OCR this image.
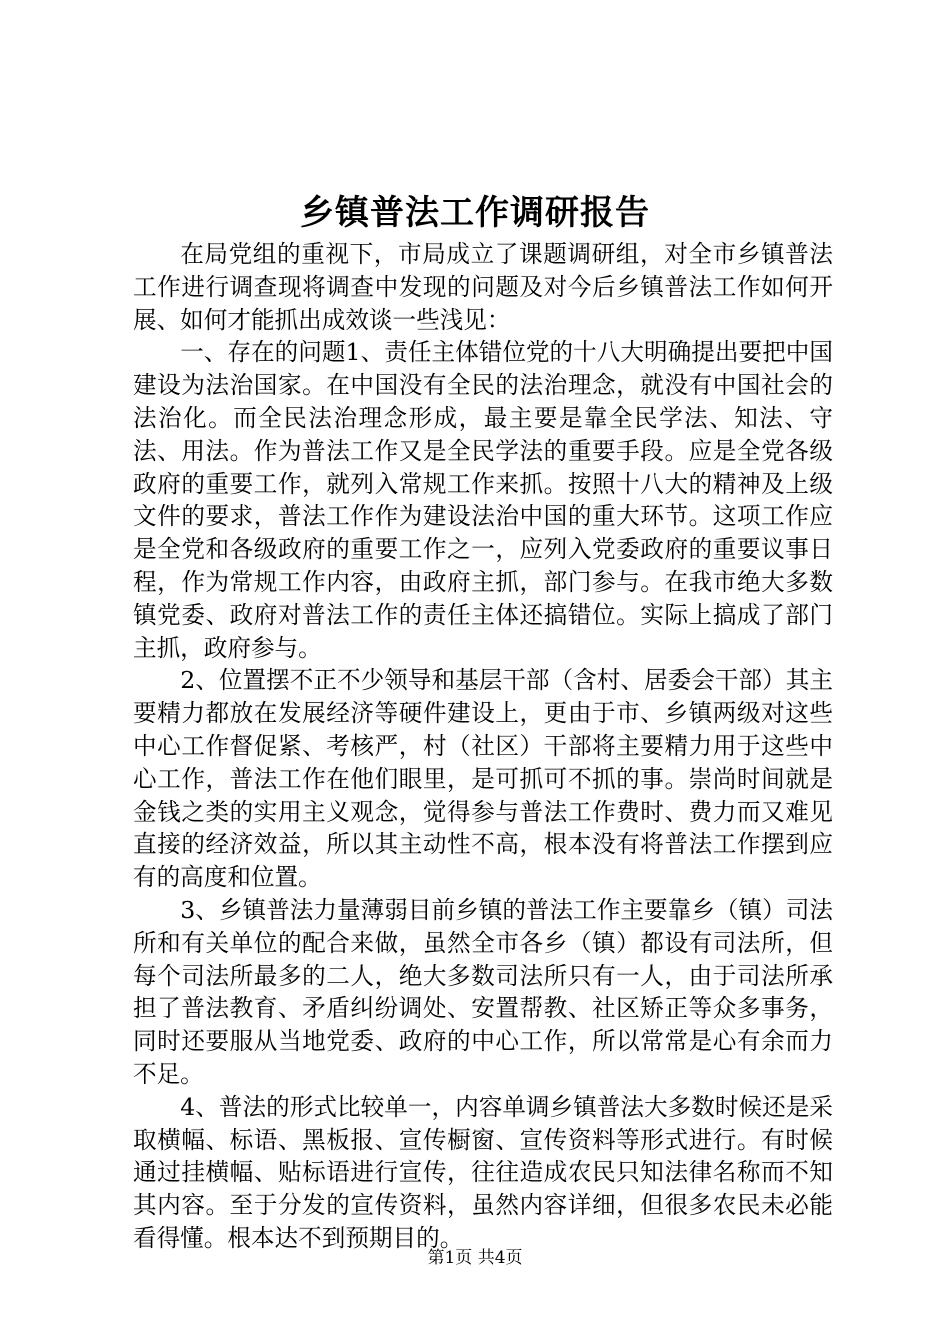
乡镇普法工作调研报告

在局党组的重视下，市局成立了课题调研组，对全市乡镇普法工作进行调查现将调查中发现的问题及对今后乡镇普法工作如何开展、如何才能抓出成效谈一些浅见：

一、存在的问题1、责任主体错位党的十八大明确提出要把中国建设为法治国家。在中国没有全民的法治理念，就没有中国社会的法治化。而全民法治理念形成，最主要是靠全民学法、知法、守法、用法。作为普法工作又是全民学法的重要手段。应是全党各级政府的重要工作，就列入常规工作来抓。按照十八大的精神及上级文件的要求，普法工作作为建设法治中国的重大环节。这项工作应是全党和各级政府的重要工作之一，应列入党委政府的重要议事日程，作为常规工作内容，由政府主抓，部门参与。在我市绝大多数镇党委、政府对普法工作的责任主体还搞错位。实际上搞成了部门主抓，政府参与。

2、位置摆不正不少领导和基层干部（含村、居委会干部）其主要精力都放在发展经济等硬件建设上，更由于市、乡镇两级对这些中心工作督促紧、考核严，村（社区）干部将主要精力用于这些中心工作，普法工作在他们眼里，是可抓可不抓的事。崇尚时间就是金钱之类的实用主义观念，觉得参与普法工作费时、费力而又难见直接的经济效益，所以其主动性不高，根本没有将普法工作摆到应有的高度和位置。

3、乡镇普法力量薄弱目前乡镇的普法工作主要靠乡（镇）司法所和有关单位的配合来做，虽然全市各乡（镇）都设有司法所，但每个司法所最多的二人，绝大多数司法所只有一人，由于司法所承担了普法教育、矛盾纠纷调处、安置帮教、社区矫正等众多事务，同时还要服从当地党委、政府的中心工作，所以常常是心有余而力不足。

4、普法的形式比较单一，内容单调乡镇普法大多数时候还是采取横幅、标语、黑板报、宣传橱窗、宣传资料等形式进行。有时候通过挂横幅、贴标语进行宣传，往往造成农民只知法律名称而不知其内容。至于分发的宣传资料，虽然内容详细，但很多农民未必能看得懂。根本达不到预期目的。

第1页 共4页
